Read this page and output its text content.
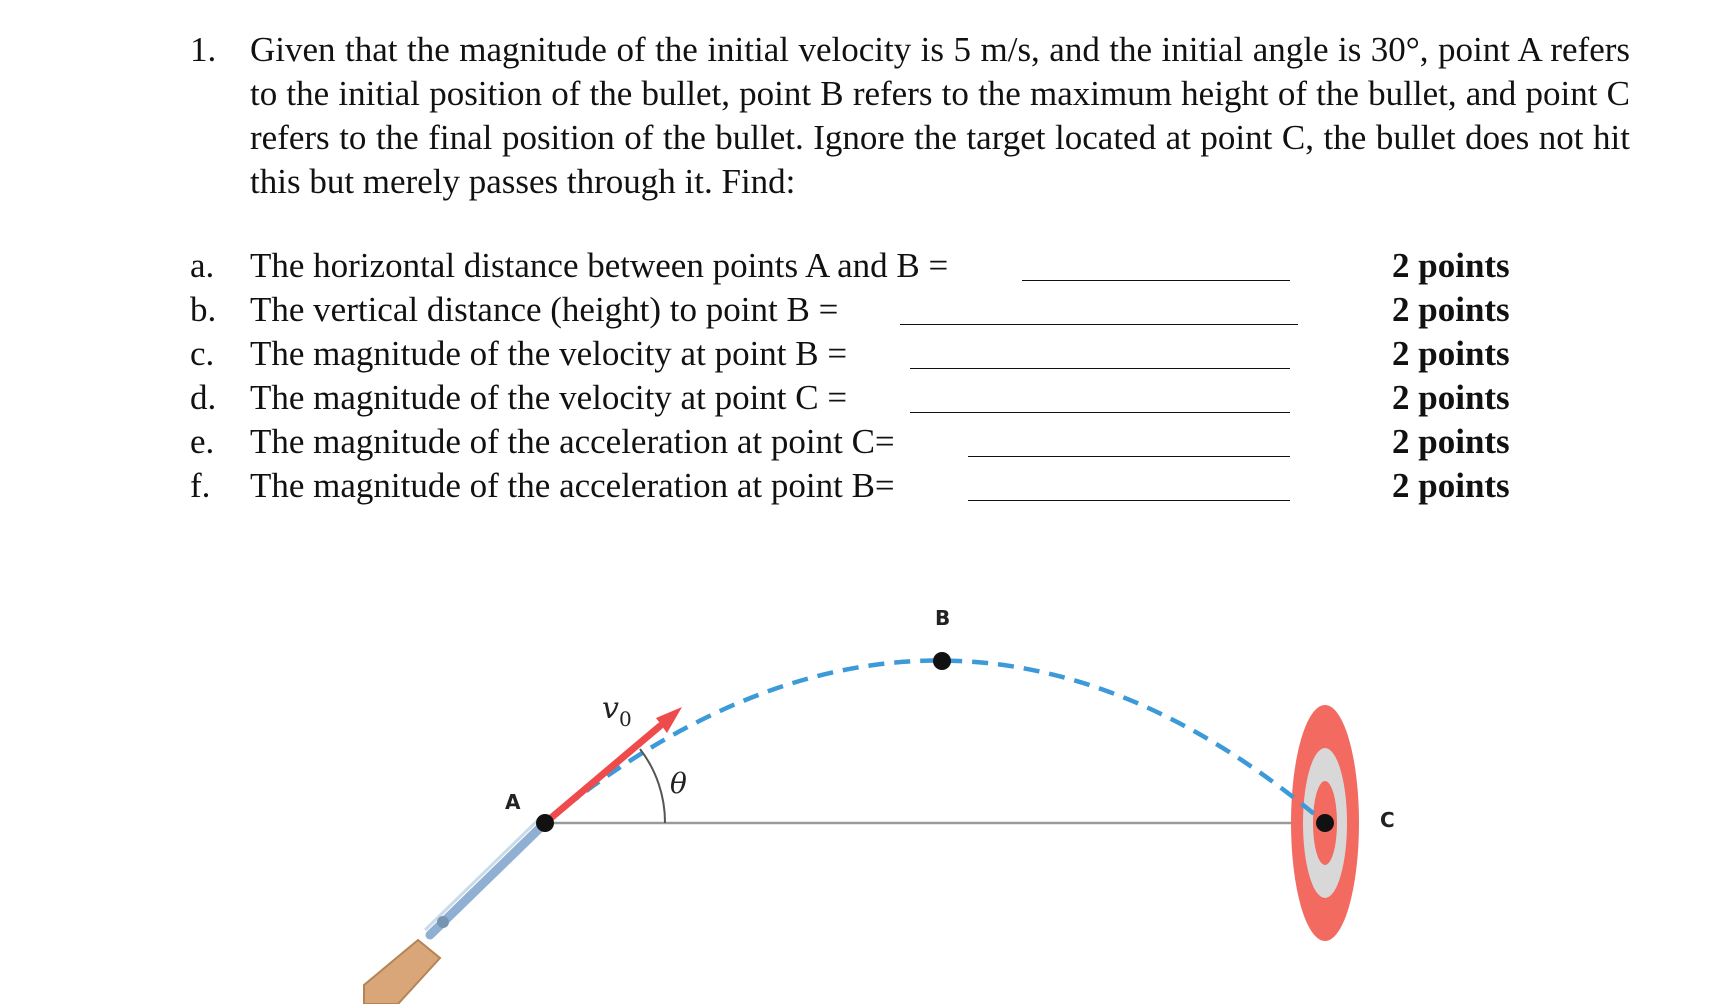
1. Given that the magnitude of the initial velocity is 5 m/s, and the initial angle is 30°, point A refers to the initial position of the bullet, point B refers to the maximum height of the bullet, and point C refers to the final position of the bullet. Ignore the target located at point C, the bullet does not hit this but merely passes through it. Find:
a. The horizontal distance between points A and B =	2 points
b. The vertical distance (height) to point B =	2 points
c. The magnitude of the velocity at point B =	2 points
d. The magnitude of the velocity at point C =	2 points
e. The magnitude of the acceleration at point C=	2 points
f. The magnitude of the acceleration at point B=	2 points
A
B
C
$v_0$
θ
